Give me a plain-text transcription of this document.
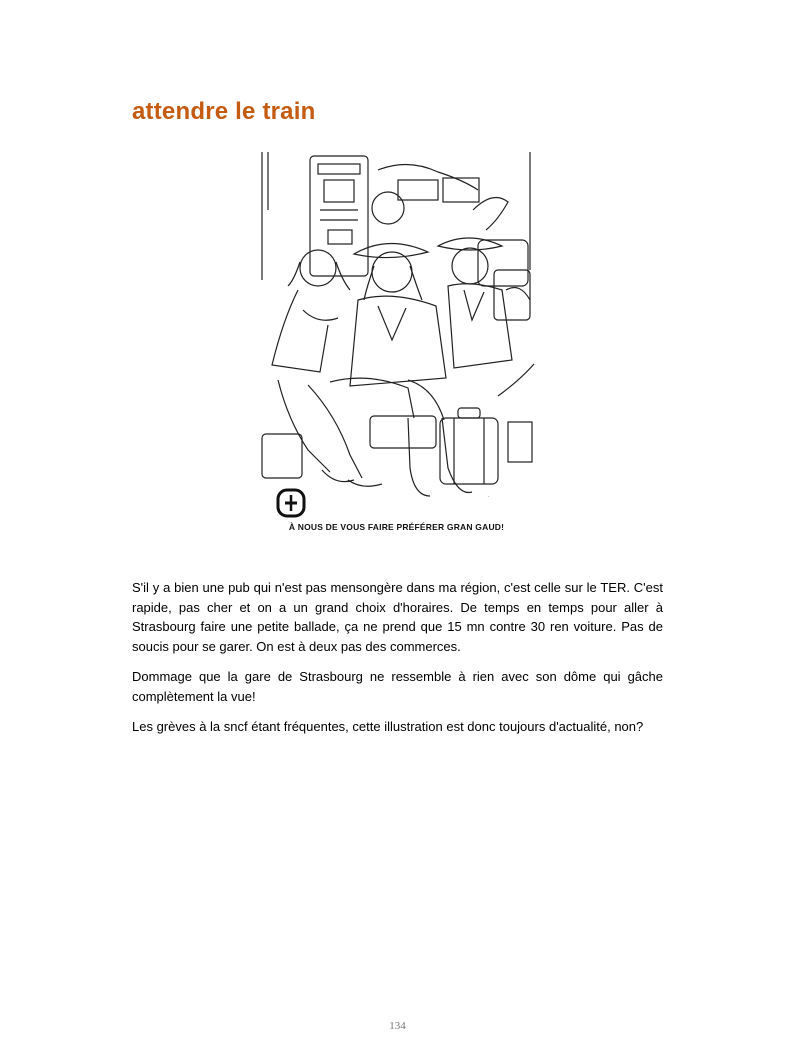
attendre le train
·
À NOUS DE VOUS FAIRE PRÉFÉRER GRAN GAUD!

S'il y a bien une pub qui n'est pas mensongère dans ma région, c'est celle sur le TER. C'est rapide, pas cher et on a un grand choix d'horaires. De temps en temps pour aller à Strasbourg faire une petite ballade, ça ne prend que 15 mn contre 30 ren voiture. Pas de soucis pour se garer. On est à deux pas des commerces.

Dommage que la gare de Strasbourg ne ressemble à rien avec son dôme qui gâche complètement la vue!

Les grèves à la sncf étant fréquentes, cette illustration est donc toujours d'actualité, non?

134
